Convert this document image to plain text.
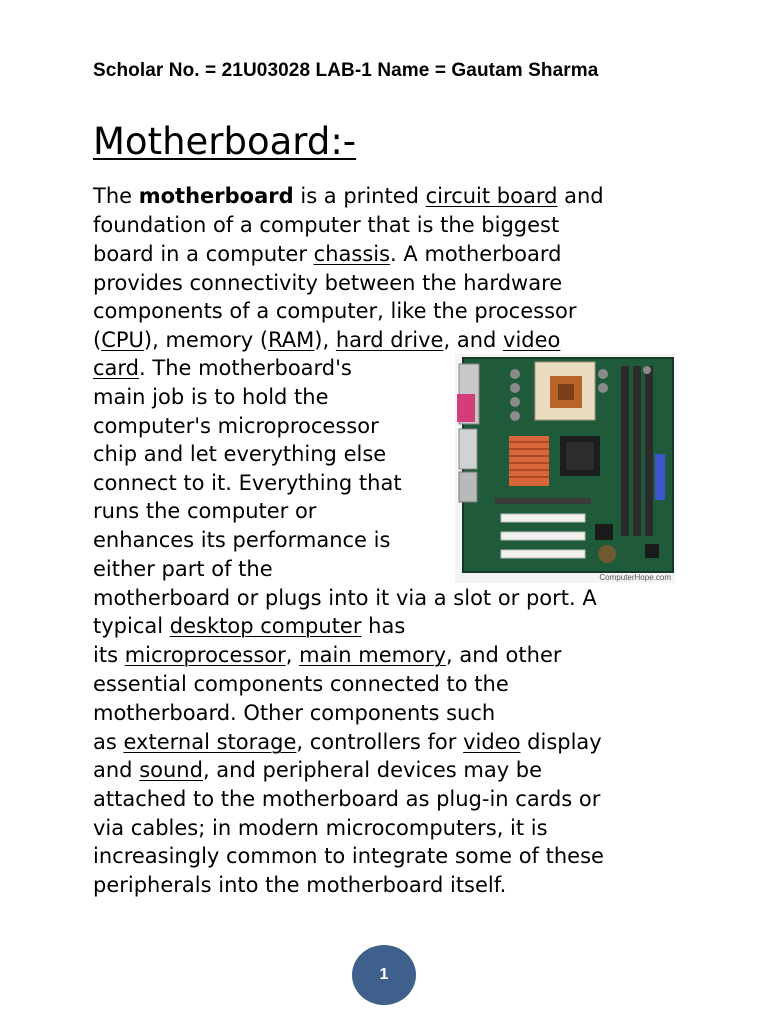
Scholar No. = 21U03028 LAB-1 Name = Gautam Sharma
Motherboard:-
The motherboard is a printed circuit board and
foundation of a computer that is the biggest
board in a computer chassis. A motherboard
provides connectivity between the hardware
components of a computer, like the processor
(CPU), memory (RAM), hard drive, and video
card. The motherboard's
main job is to hold the
computer's microprocessor
chip and let everything else
connect to it. Everything that
runs the computer or
enhances its performance is
either part of the
motherboard or plugs into it via a slot or port. A
typical desktop computer has
its microprocessor, main memory, and other
essential components connected to the
motherboard. Other components such
as external storage, controllers for video display
and sound, and peripheral devices may be
attached to the motherboard as plug-in cards or
via cables; in modern microcomputers, it is
increasingly common to integrate some of these
peripherals into the motherboard itself.
ComputerHope.com
1
